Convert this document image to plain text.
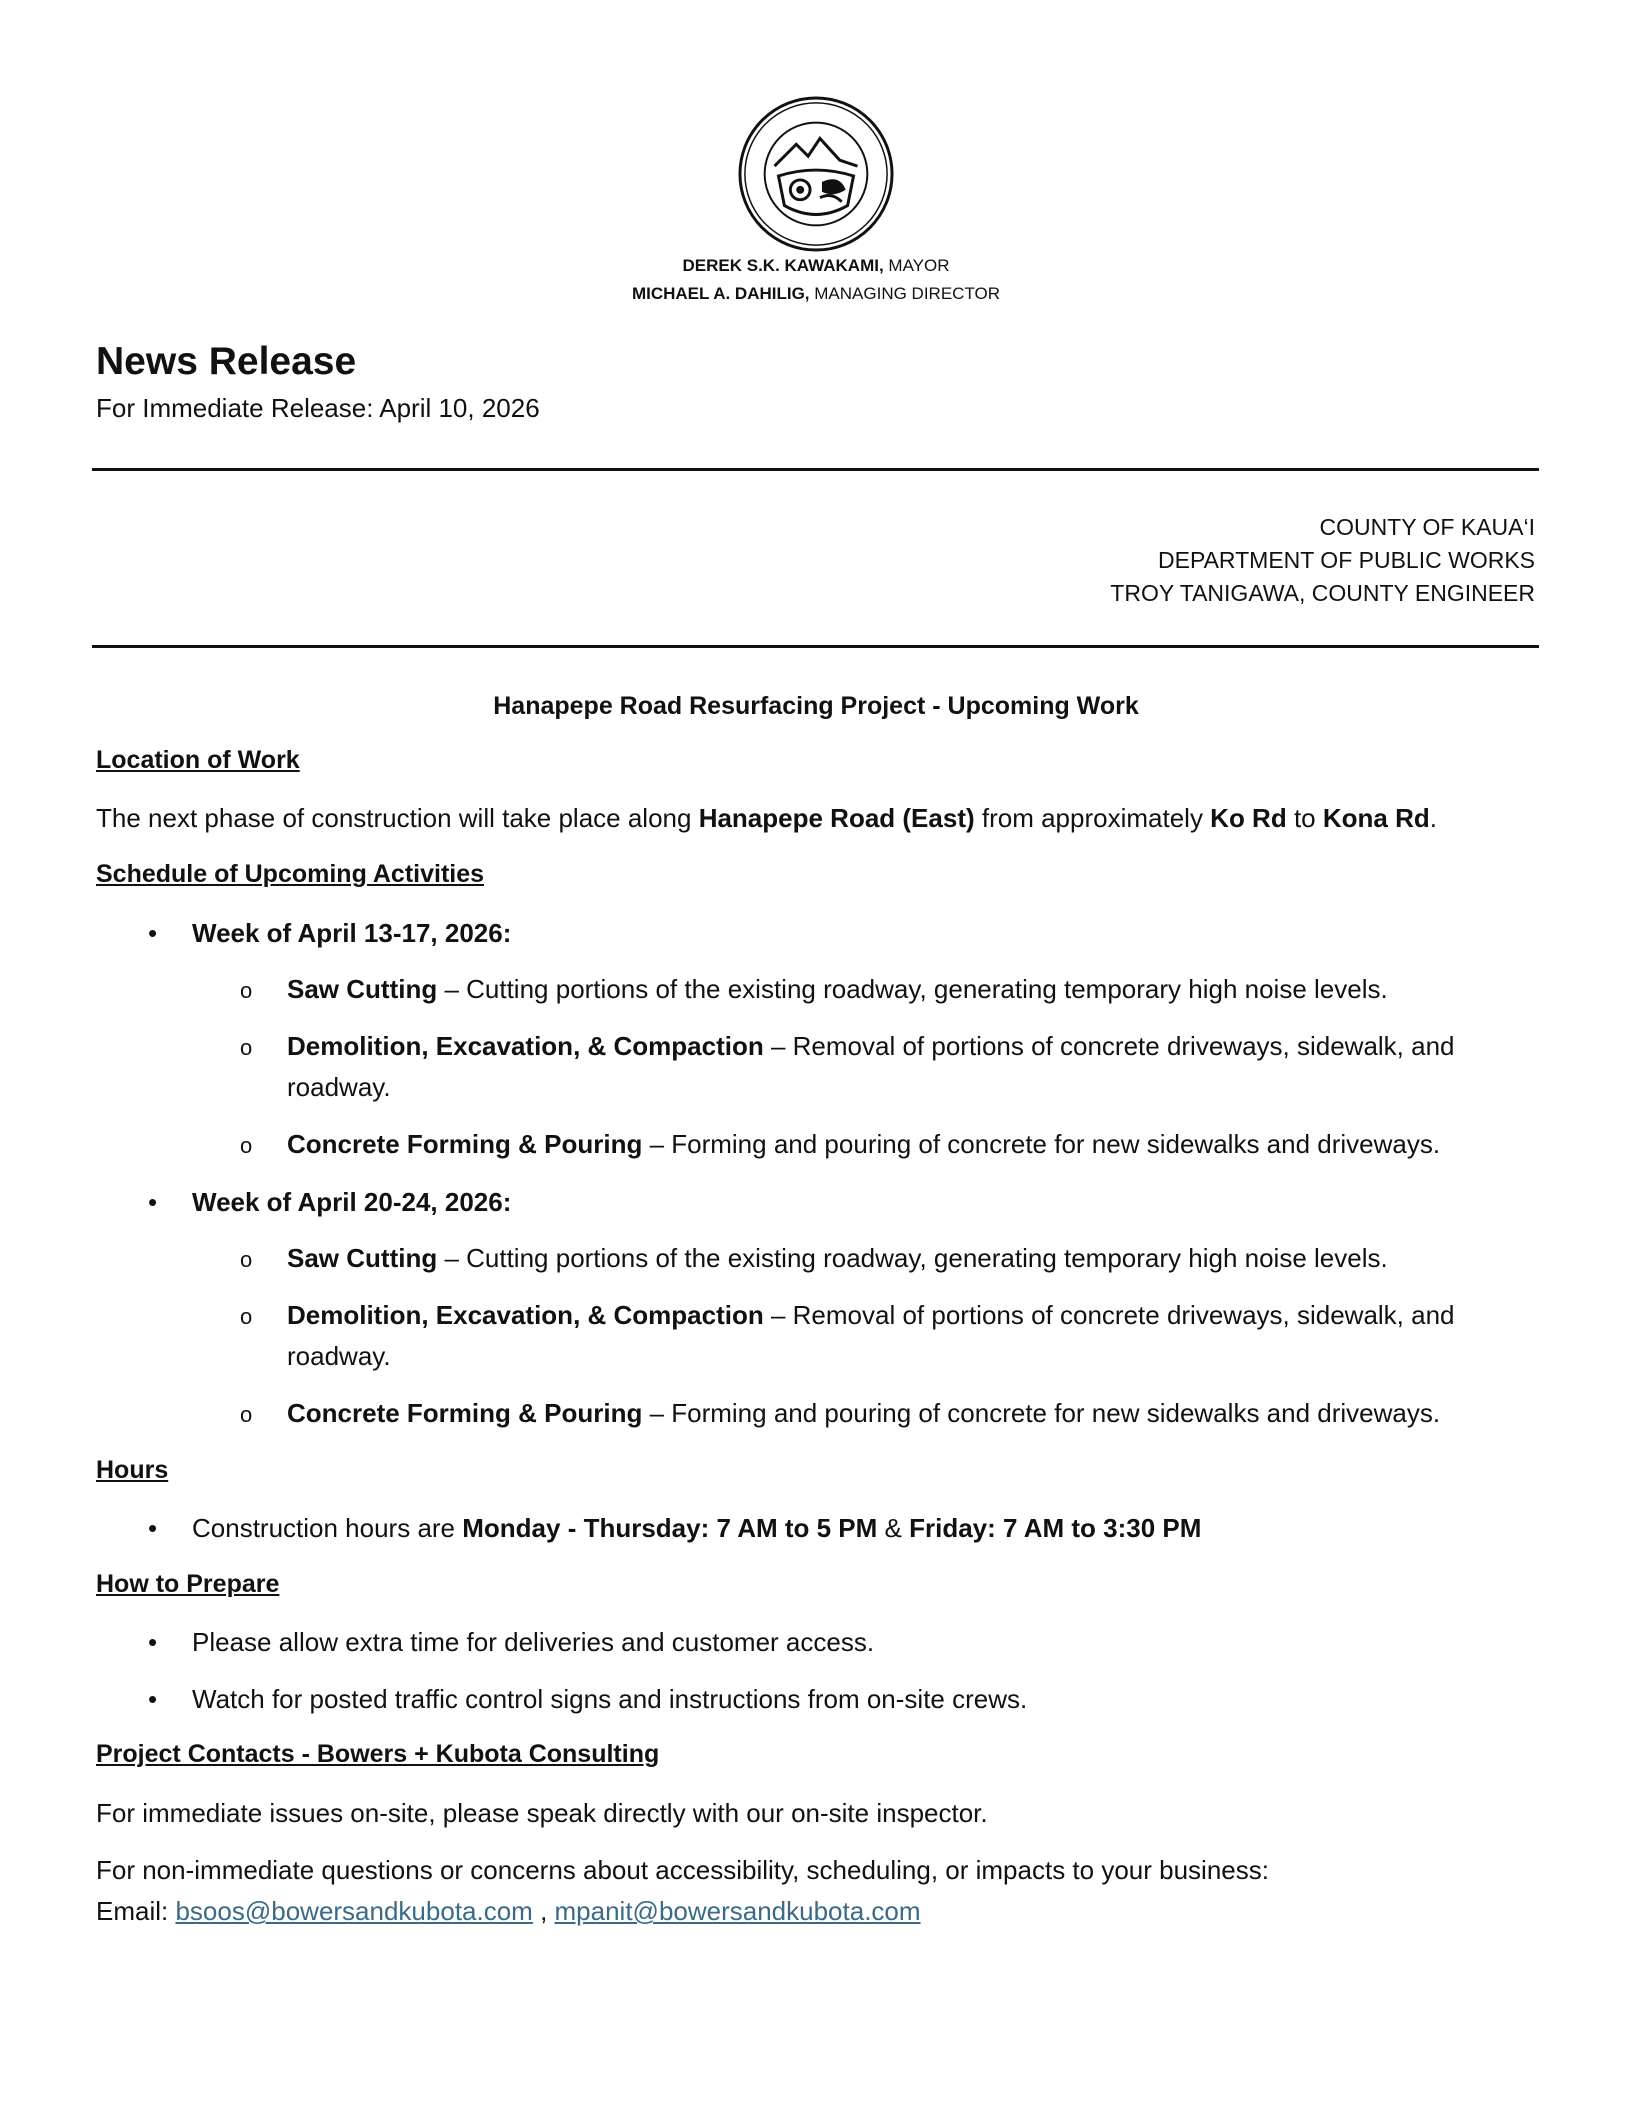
DEREK S.K. KAWAKAMI, MAYOR
MICHAEL A. DAHILIG, MANAGING DIRECTOR
News Release
For Immediate Release: April 10, 2026
COUNTY OF KAUA‘I
DEPARTMENT OF PUBLIC WORKS
TROY TANIGAWA, COUNTY ENGINEER
Hanapepe Road Resurfacing Project - Upcoming Work
Location of Work
The next phase of construction will take place along Hanapepe Road (East) from approximately Ko Rd to Kona Rd.
Schedule of Upcoming Activities
• Week of April 13-17, 2026:
o Saw Cutting – Cutting portions of the existing roadway, generating temporary high noise levels.
o Demolition, Excavation, & Compaction – Removal of portions of concrete driveways, sidewalk, and roadway.
o Concrete Forming & Pouring – Forming and pouring of concrete for new sidewalks and driveways.
• Week of April 20-24, 2026:
o Saw Cutting – Cutting portions of the existing roadway, generating temporary high noise levels.
o Demolition, Excavation, & Compaction – Removal of portions of concrete driveways, sidewalk, and roadway.
o Concrete Forming & Pouring – Forming and pouring of concrete for new sidewalks and driveways.
Hours
• Construction hours are Monday - Thursday: 7 AM to 5 PM & Friday: 7 AM to 3:30 PM
How to Prepare
• Please allow extra time for deliveries and customer access.
• Watch for posted traffic control signs and instructions from on-site crews.
Project Contacts - Bowers + Kubota Consulting
For immediate issues on-site, please speak directly with our on-site inspector.
For non-immediate questions or concerns about accessibility, scheduling, or impacts to your business:
Email: bsoos@bowersandkubota.com , mpanit@bowersandkubota.com
